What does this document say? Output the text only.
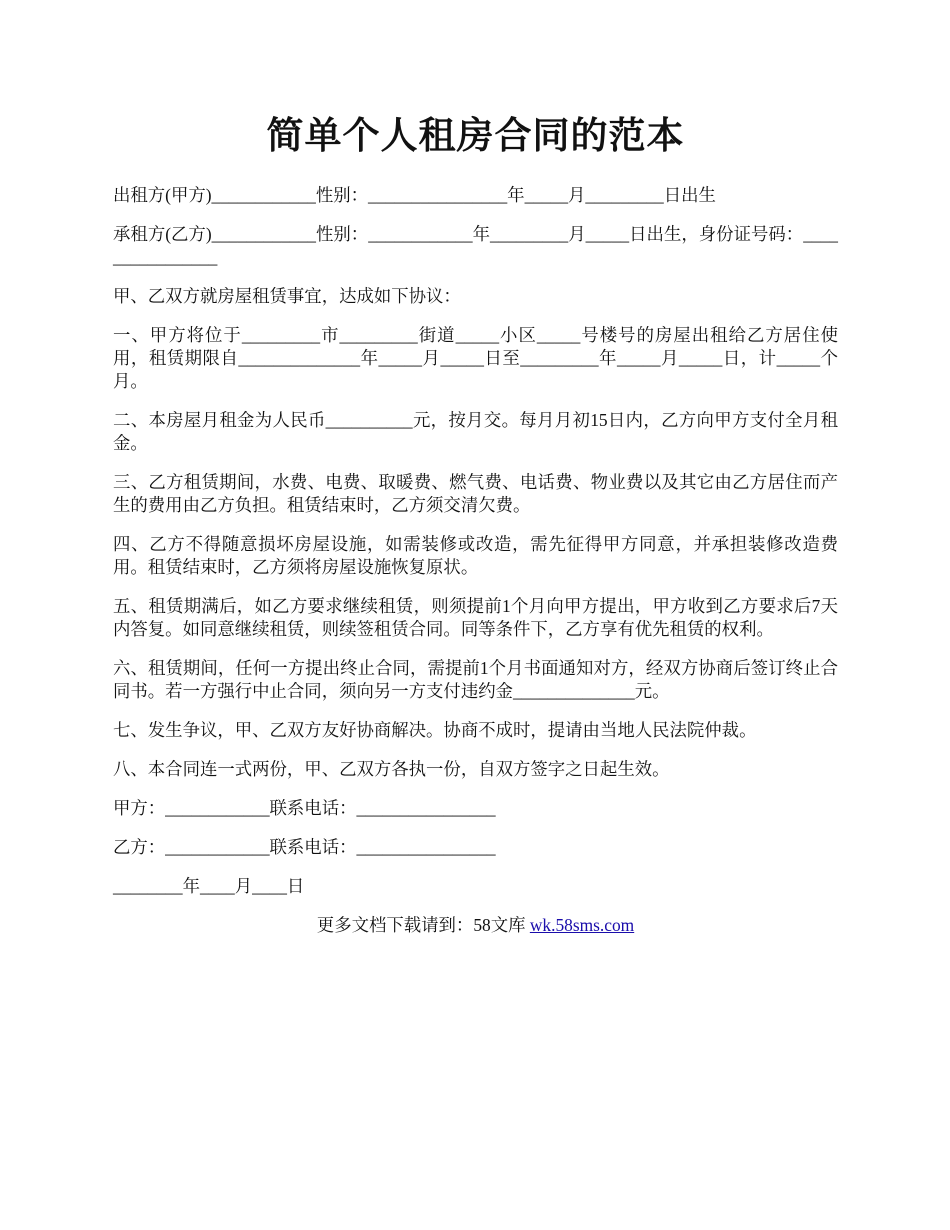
简单个人租房合同的范本

出租方(甲方)____________性别：________________年_____月_________日出生

承租方(乙方)____________性别：____________年_________月_____日出生，身份证号码：________________

甲、乙双方就房屋租赁事宜，达成如下协议：

一、甲方将位于_________市_________街道_____小区_____号楼号的房屋出租给乙方居住使用，租赁期限自______________年_____月_____日至_________年_____月_____日，计_____个月。

二、本房屋月租金为人民币__________元，按月交。每月月初15日内，乙方向甲方支付全月租金。

三、乙方租赁期间，水费、电费、取暖费、燃气费、电话费、物业费以及其它由乙方居住而产生的费用由乙方负担。租赁结束时，乙方须交清欠费。

四、乙方不得随意损坏房屋设施，如需装修或改造，需先征得甲方同意，并承担装修改造费用。租赁结束时，乙方须将房屋设施恢复原状。

五、租赁期满后，如乙方要求继续租赁，则须提前1个月向甲方提出，甲方收到乙方要求后7天内答复。如同意继续租赁，则续签租赁合同。同等条件下，乙方享有优先租赁的权利。

六、租赁期间，任何一方提出终止合同，需提前1个月书面通知对方，经双方协商后签订终止合同书。若一方强行中止合同，须向另一方支付违约金______________元。

七、发生争议，甲、乙双方友好协商解决。协商不成时，提请由当地人民法院仲裁。

八、本合同连一式两份，甲、乙双方各执一份，自双方签字之日起生效。

甲方：____________联系电话：________________

乙方：____________联系电话：________________

________年____月____日

更多文档下载请到：58文库 wk.58sms.com
